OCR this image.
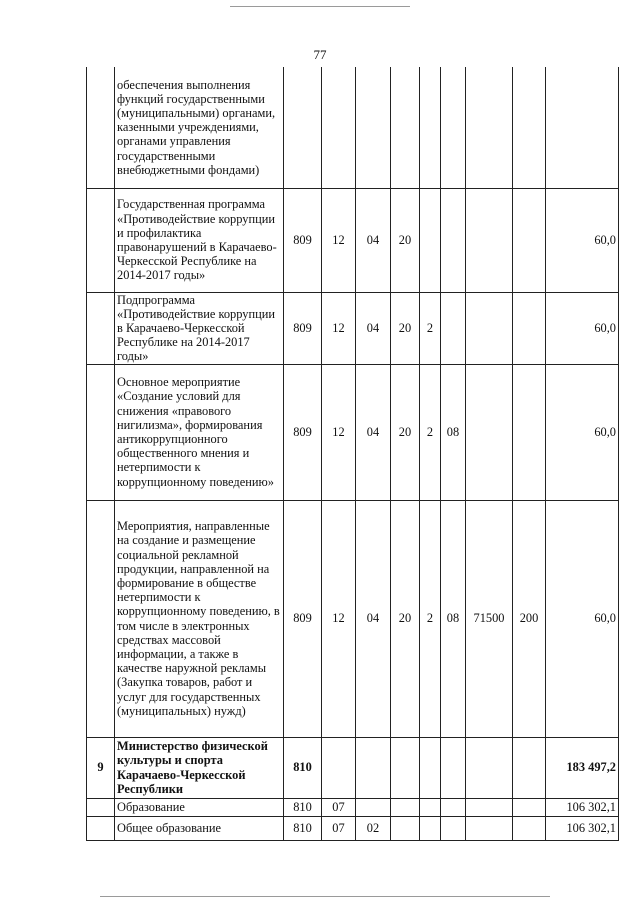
77
	обеспечения выполнения функций государственными (муниципальными) органами, казенными учреждениями, органами управления государственными внебюджетными фондами)									
	Государственная программа «Противодействие коррупции и профилактика правонарушений в Карачаево-Черкесской Республике на 2014-2017 годы»	809	12	04	20					60,0
	Подпрограмма «Противодействие коррупции в Карачаево-Черкесской Республике на 2014-2017 годы»	809	12	04	20	2				60,0
	Основное мероприятие «Создание условий для снижения «правового нигилизма», формирования антикоррупционного общественного мнения и нетерпимости к коррупционному поведению»	809	12	04	20	2	08			60,0
	Мероприятия, направленные на создание и размещение социальной рекламной продукции, направленной на формирование в обществе нетерпимости к коррупционному поведению, в том числе в электронных средствах массовой информации, а также в качестве наружной рекламы (Закупка товаров, работ и услуг для государственных (муниципальных) нужд)	809	12	04	20	2	08	71500	200	60,0
9	Министерство физической культуры и спорта Карачаево-Черкесской Республики	810								183 497,2
	Образование	810	07							106 302,1
	Общее образование	810	07	02						106 302,1
